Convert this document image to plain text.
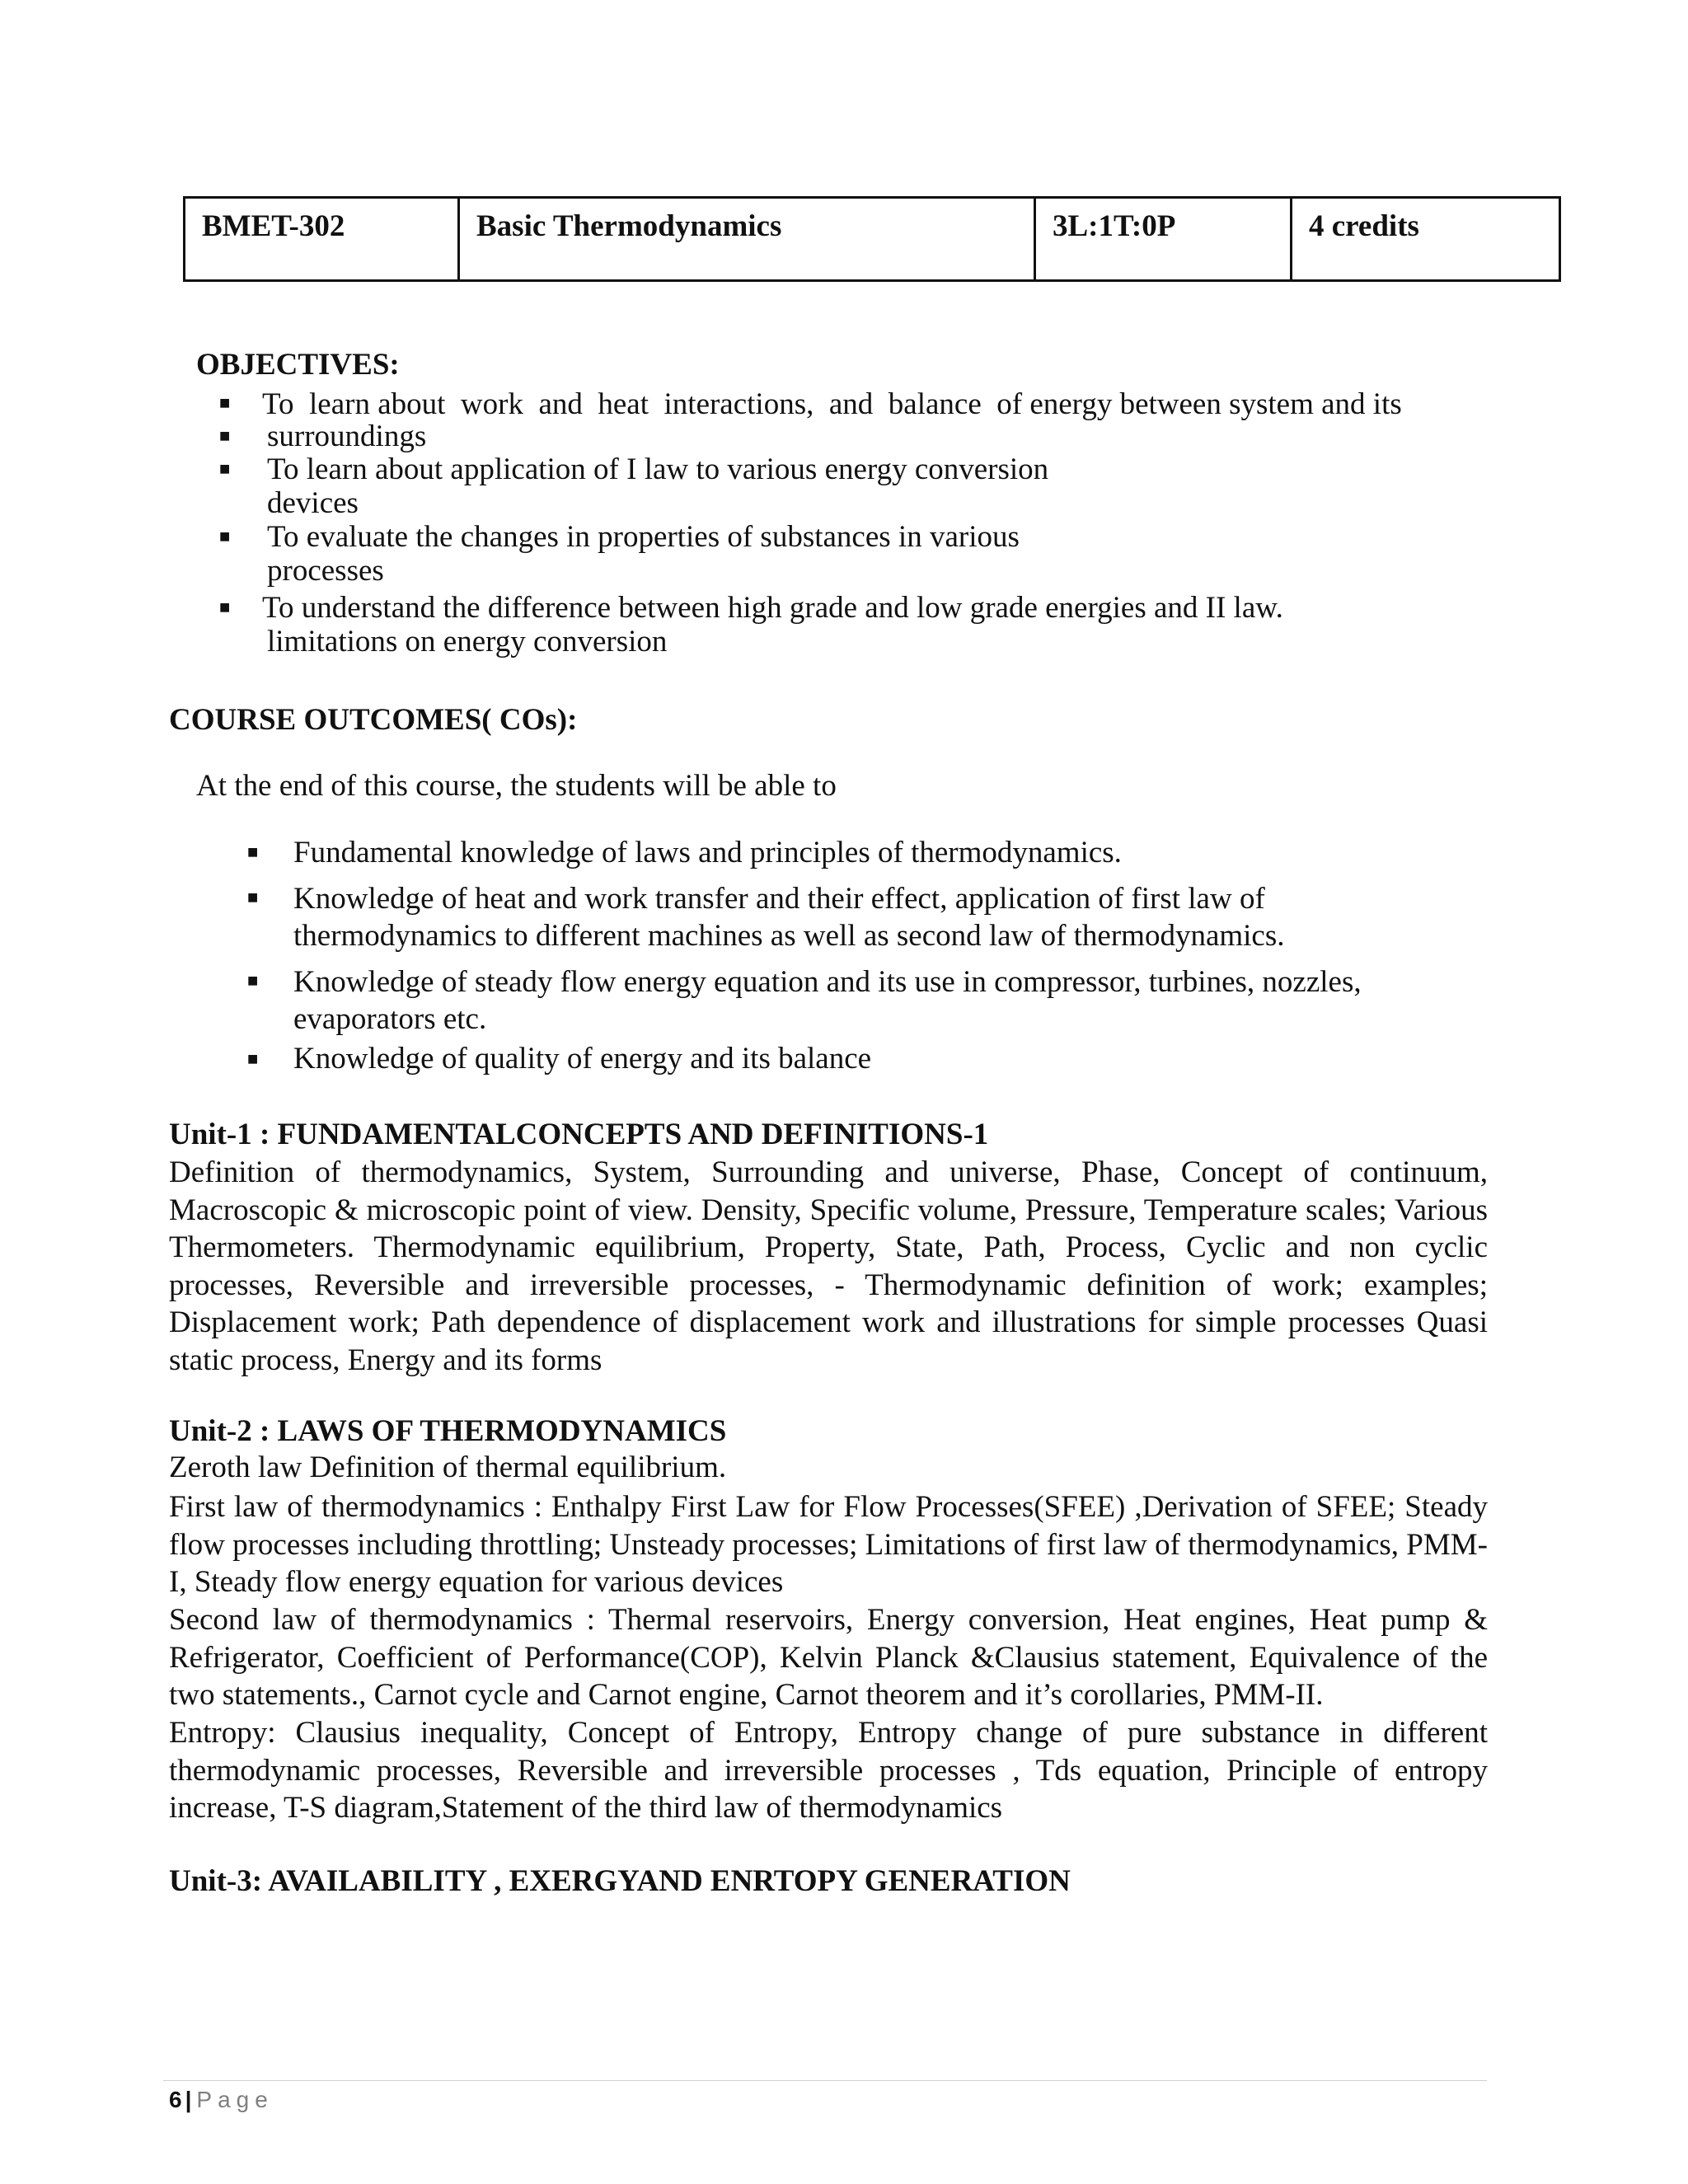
BMET-302	Basic Thermodynamics	3L:1T:0P	4 credits
OBJECTIVES:
■ To  learn about  work  and  heat  interactions,  and  balance  of energy between system and its
■ surroundings
■ To learn about application of I law to various energy conversion
devices
■ To evaluate the changes in properties of substances in various
processes
■ To understand the difference between high grade and low grade energies and II law.
limitations on energy conversion
COURSE OUTCOMES( COs):
At the end of this course, the students will be able to
■ Fundamental knowledge of laws and principles of thermodynamics.
■ Knowledge of heat and work transfer and their effect, application of first law of thermodynamics to different machines as well as second law of thermodynamics.
■ Knowledge of steady flow energy equation and its use in compressor, turbines, nozzles, evaporators etc.
■ Knowledge of quality of energy and its balance
Unit-1 : FUNDAMENTALCONCEPTS AND DEFINITIONS-1
Definition of thermodynamics, System, Surrounding and universe, Phase, Concept of continuum, Macroscopic & microscopic point of view. Density, Specific volume, Pressure, Temperature scales; Various Thermometers. Thermodynamic equilibrium, Property, State, Path, Process, Cyclic and non cyclic processes, Reversible and irreversible processes, - Thermodynamic definition of work; examples; Displacement work; Path dependence of displacement work and illustrations for simple processes Quasi static process, Energy and its forms
Unit-2 : LAWS OF THERMODYNAMICS
Zeroth law Definition of thermal equilibrium.
First law of thermodynamics : Enthalpy First Law for Flow Processes(SFEE) ,Derivation of SFEE; Steady flow processes including throttling; Unsteady processes; Limitations of first law of thermodynamics, PMM-I, Steady flow energy equation for various devices
Second law of thermodynamics : Thermal reservoirs, Energy conversion, Heat engines, Heat pump & Refrigerator, Coefficient of Performance(COP), Kelvin Planck &Clausius statement, Equivalence of the two statements., Carnot cycle and Carnot engine, Carnot theorem and it’s corollaries, PMM-II.
Entropy: Clausius inequality, Concept of Entropy, Entropy change of pure substance in different thermodynamic processes, Reversible and irreversible processes , Tds equation, Principle of entropy increase, T-S diagram,Statement of the third law of thermodynamics
Unit-3: AVAILABILITY , EXERGYAND ENRTOPY GENERATION
6 | Page
